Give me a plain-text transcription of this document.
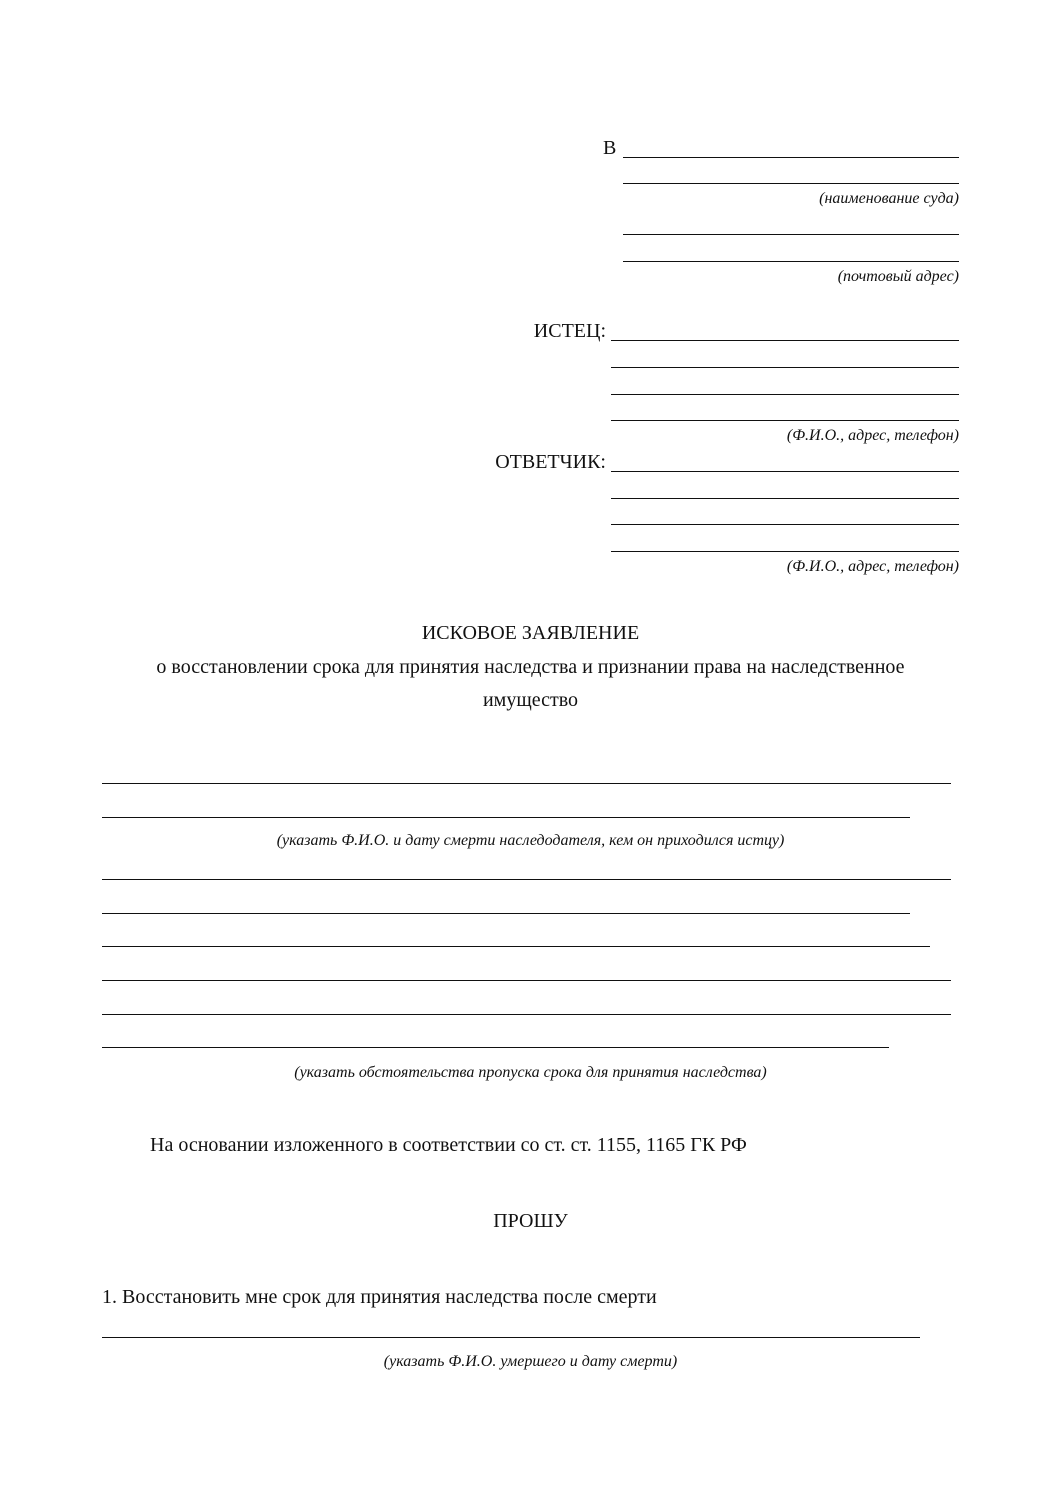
В
(наименование суда)
(почтовый адрес)
ИСТЕЦ:
(Ф.И.О., адрес, телефон)
ОТВЕТЧИК:
(Ф.И.О., адрес, телефон)
ИСКОВОЕ ЗАЯВЛЕНИЕ
о восстановлении срока для принятия наследства и признании права на наследственное
имущество
(указать Ф.И.О. и дату смерти наследодателя, кем он приходился истцу)
(указать обстоятельства пропуска срока для принятия наследства)
На основании изложенного в соответствии со ст. ст. 1155, 1165 ГК РФ
ПРОШУ
1. Восстановить мне срок для принятия наследства после смерти
(указать Ф.И.О. умершего и дату смерти)
